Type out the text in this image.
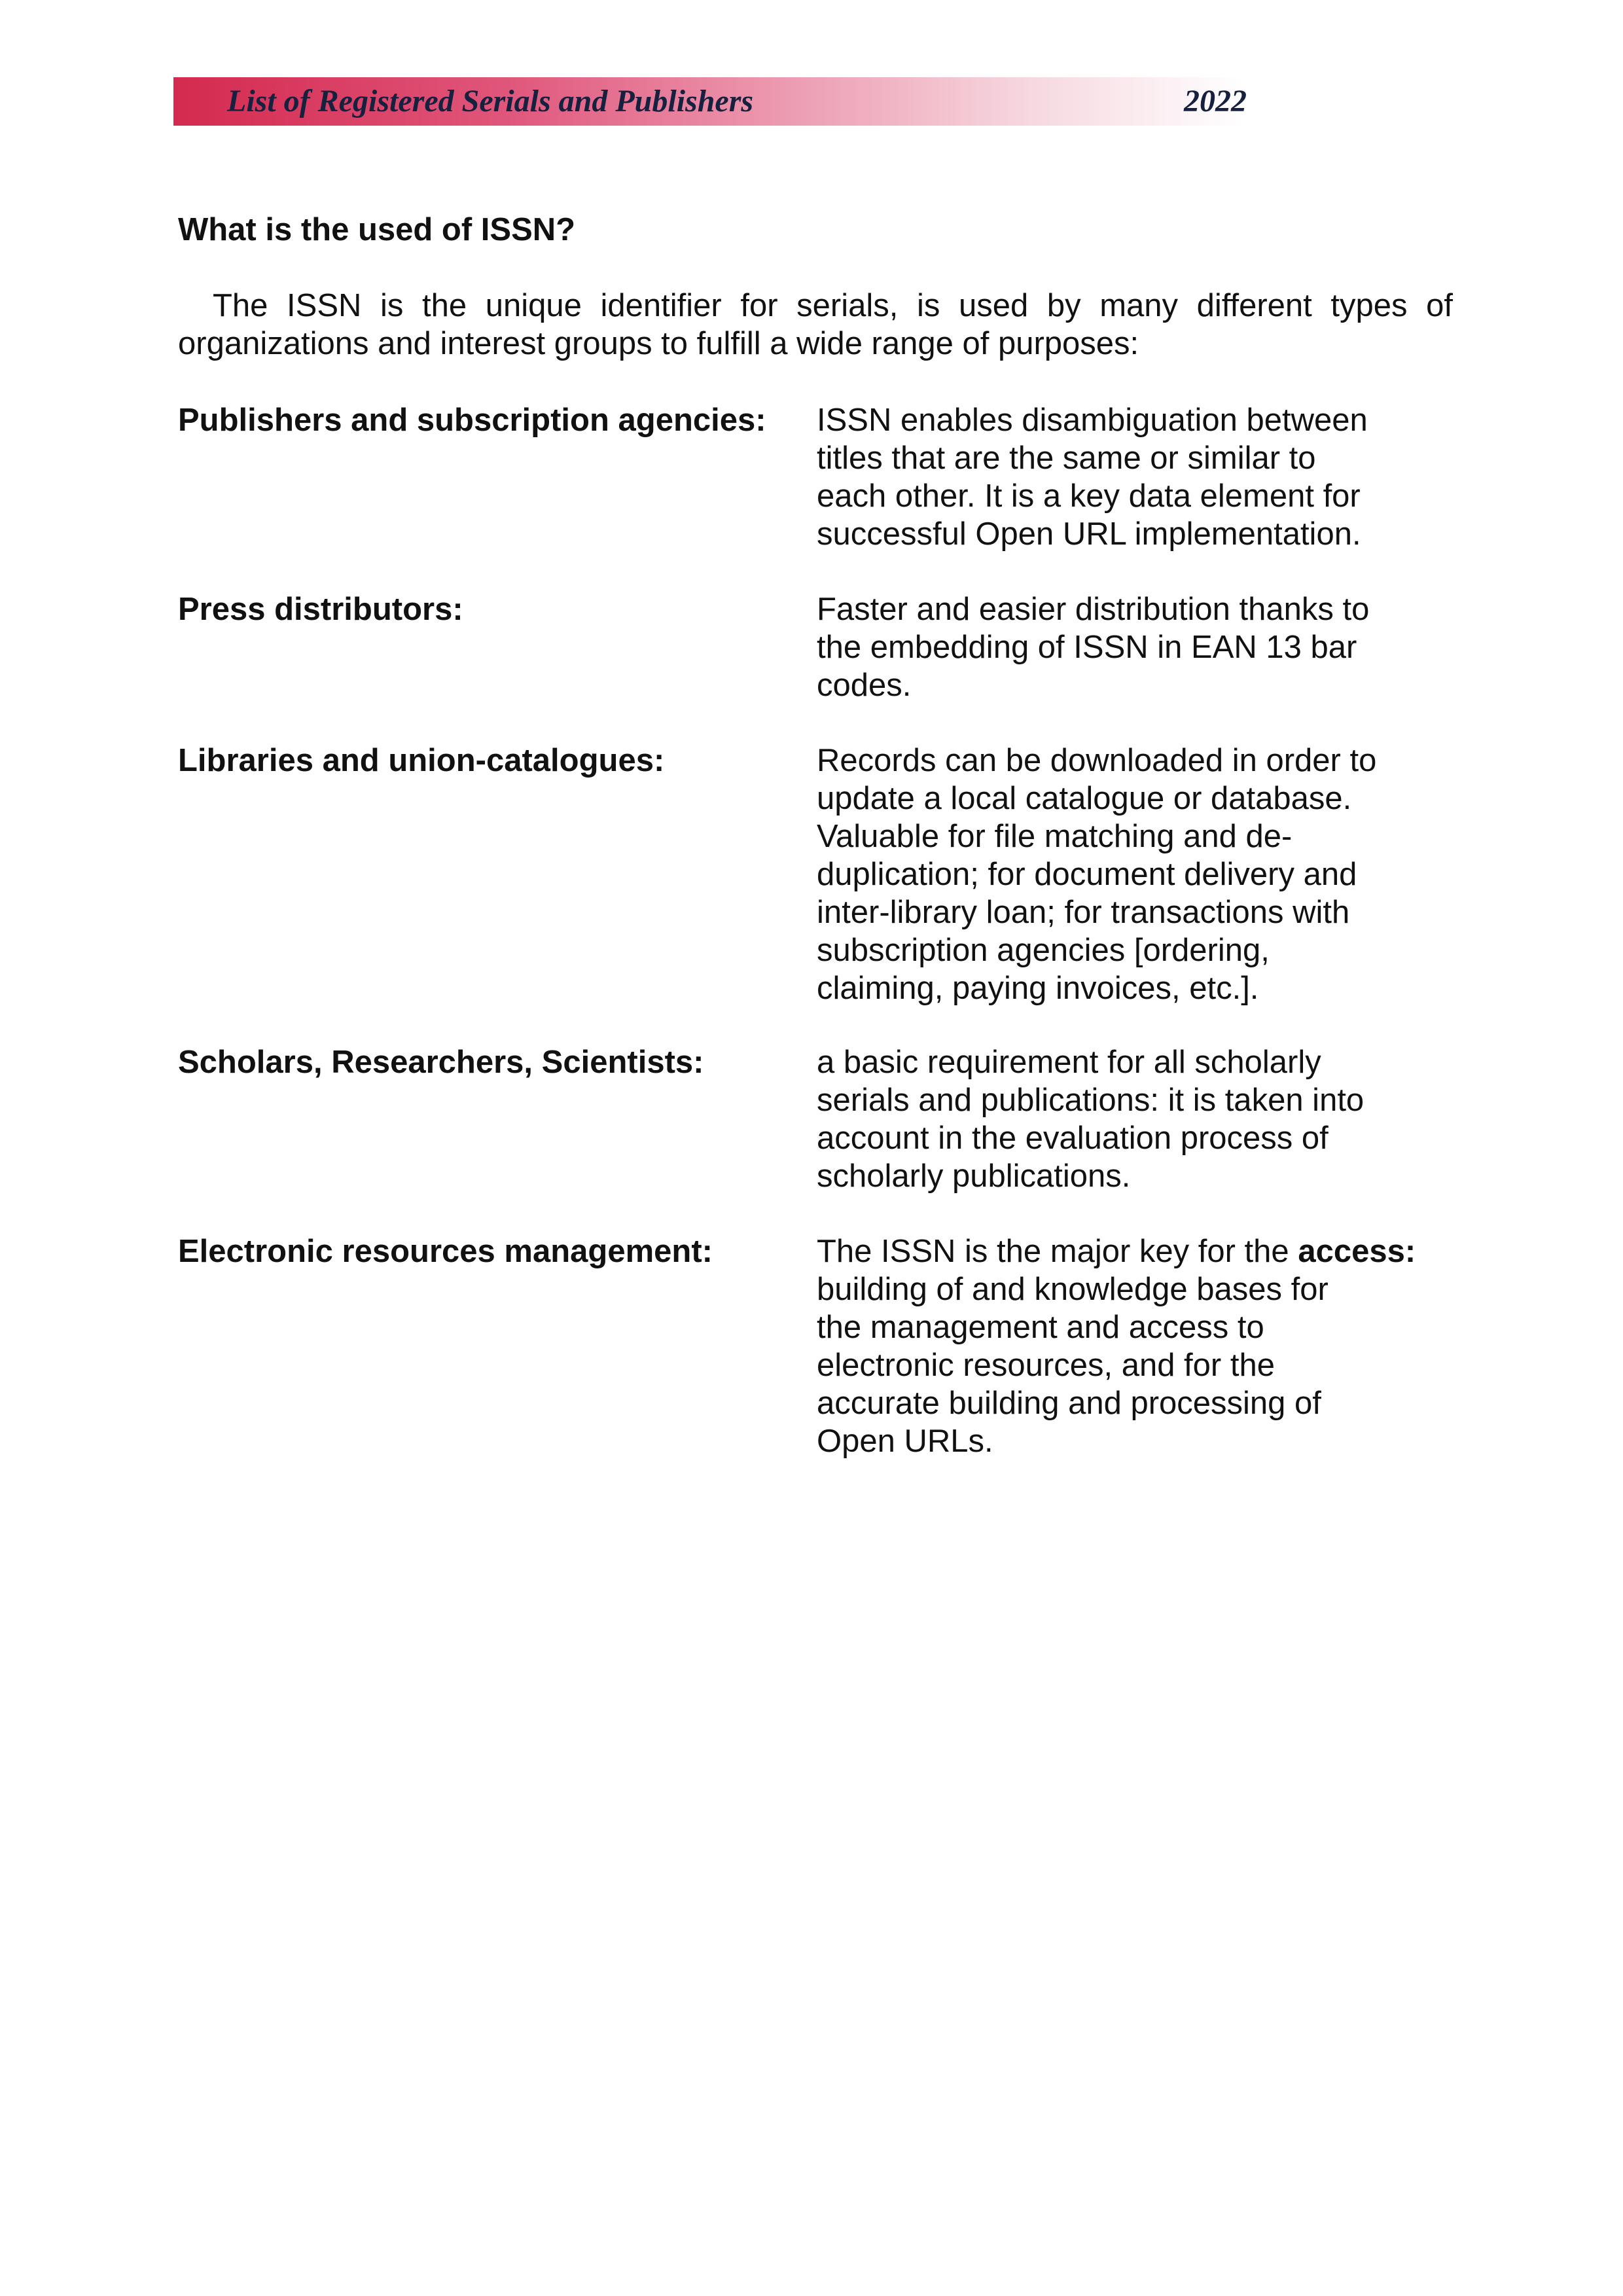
List of Registered Serials and Publishers	2022
What is the used of ISSN?

The ISSN is the unique identifier for serials, is used by many different types of organizations and interest groups to fulfill a wide range of purposes:

Publishers and subscription agencies:	ISSN enables disambiguation between
titles that are the same or similar to
each other. It is a key data element for
successful Open URL implementation.
Press distributors:	Faster and easier distribution thanks to
the embedding of ISSN in EAN 13 bar
codes.
Libraries and union-catalogues:	Records can be downloaded in order to
update a local catalogue or database.
Valuable for file matching and de-
duplication; for document delivery and
inter-library loan; for transactions with
subscription agencies [ordering,
claiming, paying invoices, etc.].
Scholars, Researchers, Scientists:	a basic requirement for all scholarly
serials and publications: it is taken into
account in the evaluation process of
scholarly publications.
Electronic resources management:	The ISSN is the major key for the access:
building of and knowledge bases for
the management and access to
electronic resources, and for the
accurate building and processing of
Open URLs.
